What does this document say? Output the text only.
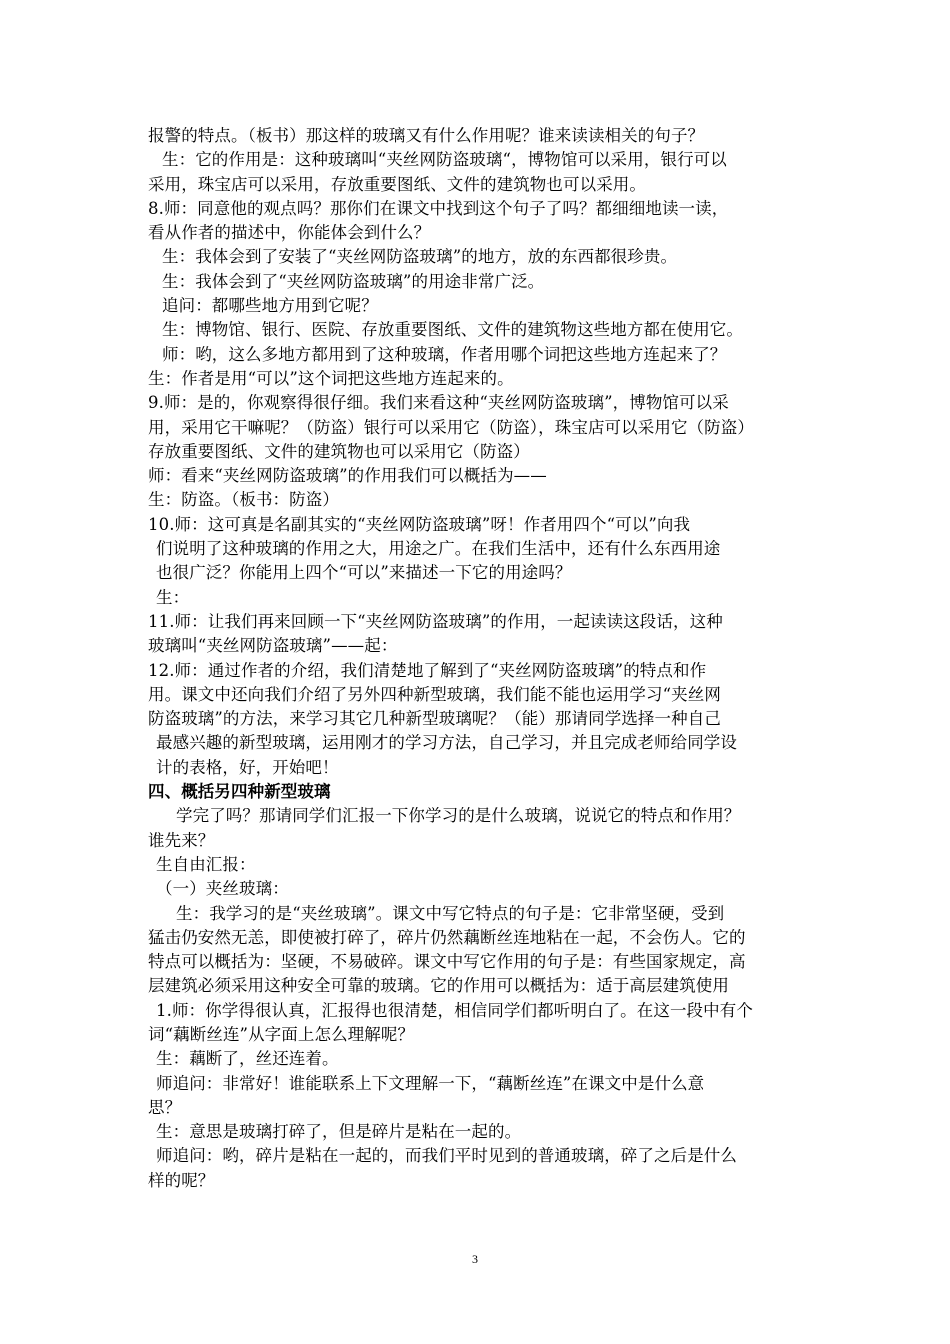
报警的特点。（板书）那这样的玻璃又有什么作用呢？谁来读读相关的句子？
生：它的作用是：这种玻璃叫“夹丝网防盗玻璃“，博物馆可以采用，银行可以
采用，珠宝店可以采用，存放重要图纸、文件的建筑物也可以采用。
8.师：同意他的观点吗？那你们在课文中找到这个句子了吗？都细细地读一读，
看从作者的描述中，你能体会到什么？
生：我体会到了安装了“夹丝网防盗玻璃”的地方，放的东西都很珍贵。
生：我体会到了“夹丝网防盗玻璃”的用途非常广泛。
追问：都哪些地方用到它呢？
生：博物馆、银行、医院、存放重要图纸、文件的建筑物这些地方都在使用它。
师：哟，这么多地方都用到了这种玻璃，作者用哪个词把这些地方连起来了？
生：作者是用“可以”这个词把这些地方连起来的。
9.师：是的，你观察得很仔细。我们来看这种“夹丝网防盗玻璃”，博物馆可以采
用，采用它干嘛呢？（防盗）银行可以采用它（防盗），珠宝店可以采用它（防盗）
存放重要图纸、文件的建筑物也可以采用它（防盗）
师：看来“夹丝网防盗玻璃”的作用我们可以概括为——
生：防盗。（板书：防盗）
10.师：这可真是名副其实的“夹丝网防盗玻璃”呀！作者用四个“可以”向我
们说明了这种玻璃的作用之大，用途之广。在我们生活中，还有什么东西用途
也很广泛？你能用上四个“可以”来描述一下它的用途吗？
生：
11.师：让我们再来回顾一下“夹丝网防盗玻璃”的作用，一起读读这段话，这种
玻璃叫“夹丝网防盗玻璃”——起：
12.师：通过作者的介绍，我们清楚地了解到了“夹丝网防盗玻璃”的特点和作
用。课文中还向我们介绍了另外四种新型玻璃，我们能不能也运用学习“夹丝网
防盗玻璃”的方法，来学习其它几种新型玻璃呢？（能）那请同学选择一种自己
最感兴趣的新型玻璃，运用刚才的学习方法，自己学习，并且完成老师给同学设
计的表格，好，开始吧！
四、概括另四种新型玻璃
学完了吗？那请同学们汇报一下你学习的是什么玻璃，说说它的特点和作用？
谁先来？
生自由汇报：
（一）夹丝玻璃：
生：我学习的是“夹丝玻璃”。课文中写它特点的句子是：它非常坚硬，受到
猛击仍安然无恙，即使被打碎了，碎片仍然藕断丝连地粘在一起，不会伤人。它的
特点可以概括为：坚硬，不易破碎。课文中写它作用的句子是：有些国家规定，高
层建筑必须采用这种安全可靠的玻璃。它的作用可以概括为：适于高层建筑使用
1.师：你学得很认真，汇报得也很清楚，相信同学们都听明白了。在这一段中有个
词“藕断丝连”从字面上怎么理解呢？
生：藕断了，丝还连着。
师追问：非常好！谁能联系上下文理解一下，“藕断丝连”在课文中是什么意
思？
生：意思是玻璃打碎了，但是碎片是粘在一起的。
师追问：哟，碎片是粘在一起的，而我们平时见到的普通玻璃，碎了之后是什么
样的呢？
3
